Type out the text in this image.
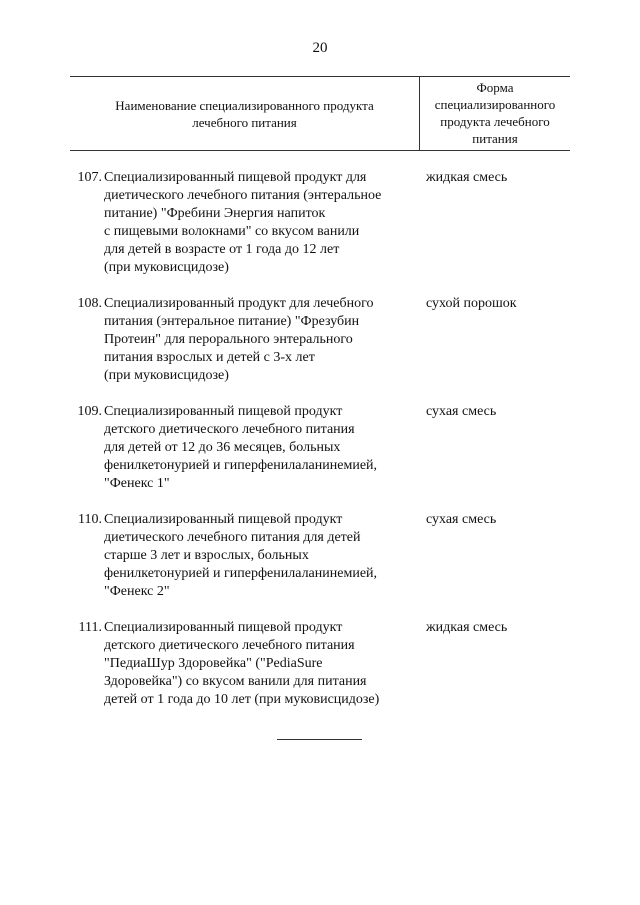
20
Наименование специализированного продукта
лечебного питания
Форма
специализированного
продукта лечебного
питания
107. Специализированный пищевой продукт для
диетического лечебного питания (энтеральное
питание) "Фребини Энергия напиток
с пищевыми волокнами" со вкусом ванили
для детей в возрасте от 1 года до 12 лет
(при муковисцидозе)
жидкая смесь
108. Специализированный продукт для лечебного
питания (энтеральное питание) "Фрезубин
Протеин" для перорального энтерального
питания взрослых и детей с 3-х лет
(при муковисцидозе)
сухой порошок
109. Специализированный пищевой продукт
детского диетического лечебного питания
для детей от 12 до 36 месяцев, больных
фенилкетонурией и гиперфенилаланинемией,
"Фенекс 1"
сухая смесь
110. Специализированный пищевой продукт
диетического лечебного питания для детей
старше 3 лет и взрослых, больных
фенилкетонурией и гиперфенилаланинемией,
"Фенекс 2"
сухая смесь
111. Специализированный пищевой продукт
детского диетического лечебного питания
"ПедиаШур Здоровейка" ("PediaSure
Здоровейка") со вкусом ванили для питания
детей от 1 года до 10 лет (при муковисцидозе)
жидкая смесь
